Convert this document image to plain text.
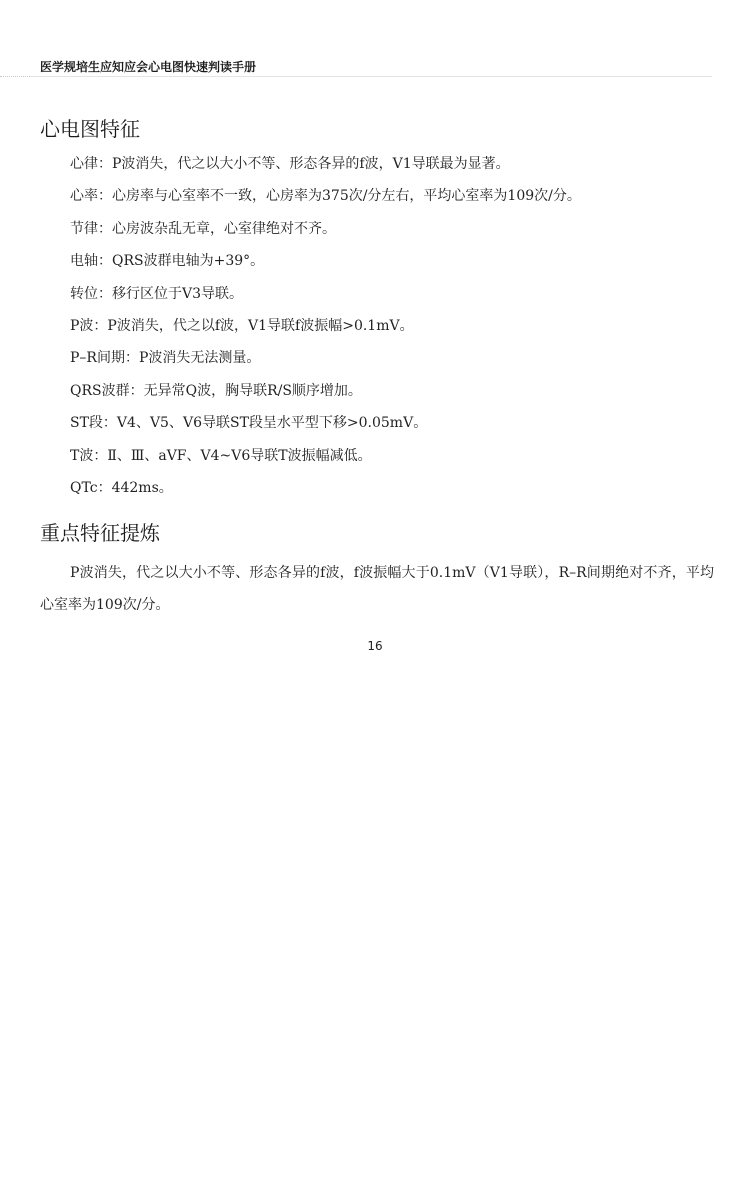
医学规培生应知应会心电图快速判读手册
心电图特征
心律：P波消失，代之以大小不等、形态各异的f波，V1导联最为显著。
心率：心房率与心室率不一致，心房率为375次/分左右，平均心室率为109次/分。
节律：心房波杂乱无章，心室律绝对不齐。
电轴：QRS波群电轴为+39°。
转位：移行区位于V3导联。
P波：P波消失，代之以f波，V1导联f波振幅>0.1mV。
P–R间期：P波消失无法测量。
QRS波群：无异常Q波，胸导联R/S顺序增加。
ST段：V4、V5、V6导联ST段呈水平型下移>0.05mV。
T波：Ⅱ、Ⅲ、aVF、V4~V6导联T波振幅减低。
QTc：442ms。
重点特征提炼

P波消失，代之以大小不等、形态各异的f波，f波振幅大于0.1mV（V1导联），R–R间期绝对不齐，平均心室率为109次/分。

16
